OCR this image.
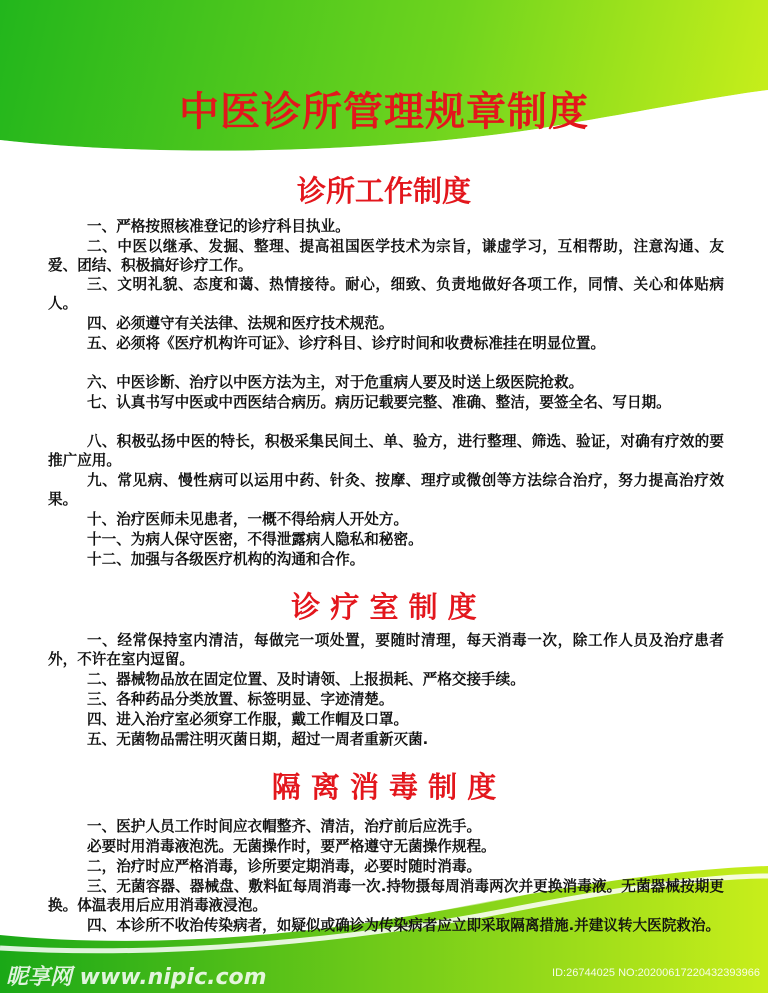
中医诊所管理规章制度
诊所工作制度
一、严格按照核准登记的诊疗科目执业。
二、中医以继承、发掘、整理、提高祖国医学技术为宗旨，谦虚学习，互相帮助，注意沟通、友爱、团结、积极搞好诊疗工作。
三、文明礼貌、态度和蔼、热情接待。耐心，细致、负责地做好各项工作，同情、关心和体贴病人。
四、必须遵守有关法律、法规和医疗技术规范。
五、必须将《医疗机构许可证》、诊疗科目、诊疗时间和收费标准挂在明显位置。
六、中医诊断、治疗以中医方法为主，对于危重病人要及时送上级医院抢救。
七、认真书写中医或中西医结合病历。病历记载要完整、准确、整洁，要签全名、写日期。
八、积极弘扬中医的特长，积极采集民间土、单、验方，进行整理、筛选、验证，对确有疗效的要推广应用。
九、常见病、慢性病可以运用中药、针灸、按摩、理疗或微创等方法综合治疗，努力提高治疗效果。
十、治疗医师未见患者，一概不得给病人开处方。
十一、为病人保守医密，不得泄露病人隐私和秘密。
十二、加强与各级医疗机构的沟通和合作。
诊 疗 室 制 度
一、经常保持室内清洁，每做完一项处置，要随时清理，每天消毒一次，除工作人员及治疗患者外，不许在室内逗留。
二、器械物品放在固定位置、及时请领、上报损耗、严格交接手续。
三、各种药品分类放置、标签明显、字迹清楚。
四、进入治疗室必须穿工作服，戴工作帽及口罩。
五、无菌物品需注明灭菌日期，超过一周者重新灭菌.
隔 离 消 毒 制 度
一、医护人员工作时间应衣帽整齐、清洁，治疗前后应洗手。
必要时用消毒液泡洗。无菌操作时，要严格遵守无菌操作规程。
二，治疗时应严格消毒，诊所要定期消毒，必要时随时消毒。
三、无菌容器、器械盘、敷料缸每周消毒一次.持物摄每周消毒两次并更换消毒液。无菌器械按期更换。体温表用后应用消毒液浸泡。
四、本诊所不收治传染病者，如疑似或确诊为传染病者应立即采取隔离措施.并建议转大医院救治。
昵享网 www.nipic.com	ID:26744025 NO:20200617220432393966
